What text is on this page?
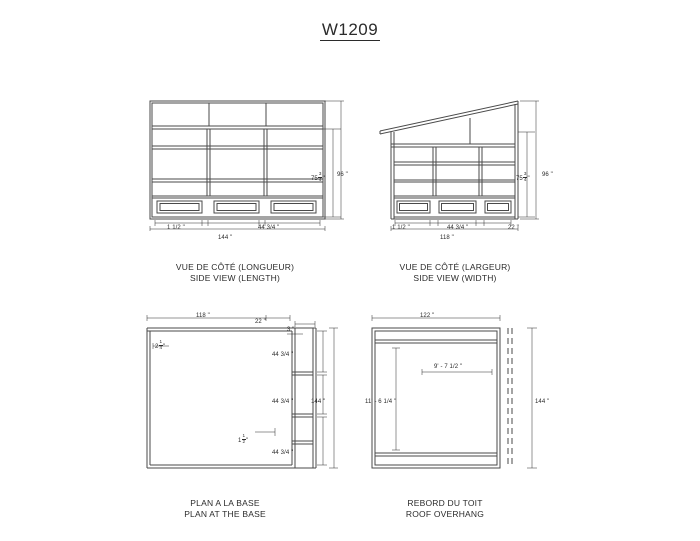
W1209
$75 \frac{3}{4}$ "
96 "
1 1/2 "	44 3/4 "
144 "
VUE DE CÔTÉ (LONGUEUR)
SIDE VIEW (LENGTH)
$75 \frac{3}{4}$ "
96 "
1 1/2 "	44 3/4 "	22 "
118 "
VUE DE CÔTÉ (LARGEUR)
SIDE VIEW (WIDTH)
118 "
22 "
3 "
$2 \frac{1}{4}$ "
44 3/4 "
44 3/4 "
44 3/4 "
$1 \frac{1}{2}$ "
144 "
PLAN A LA BASE
PLAN AT THE BASE
122 "
9' - 7 1/2 "
11' - 6 1/4 "	144 "
REBORD DU TOIT
ROOF OVERHANG
